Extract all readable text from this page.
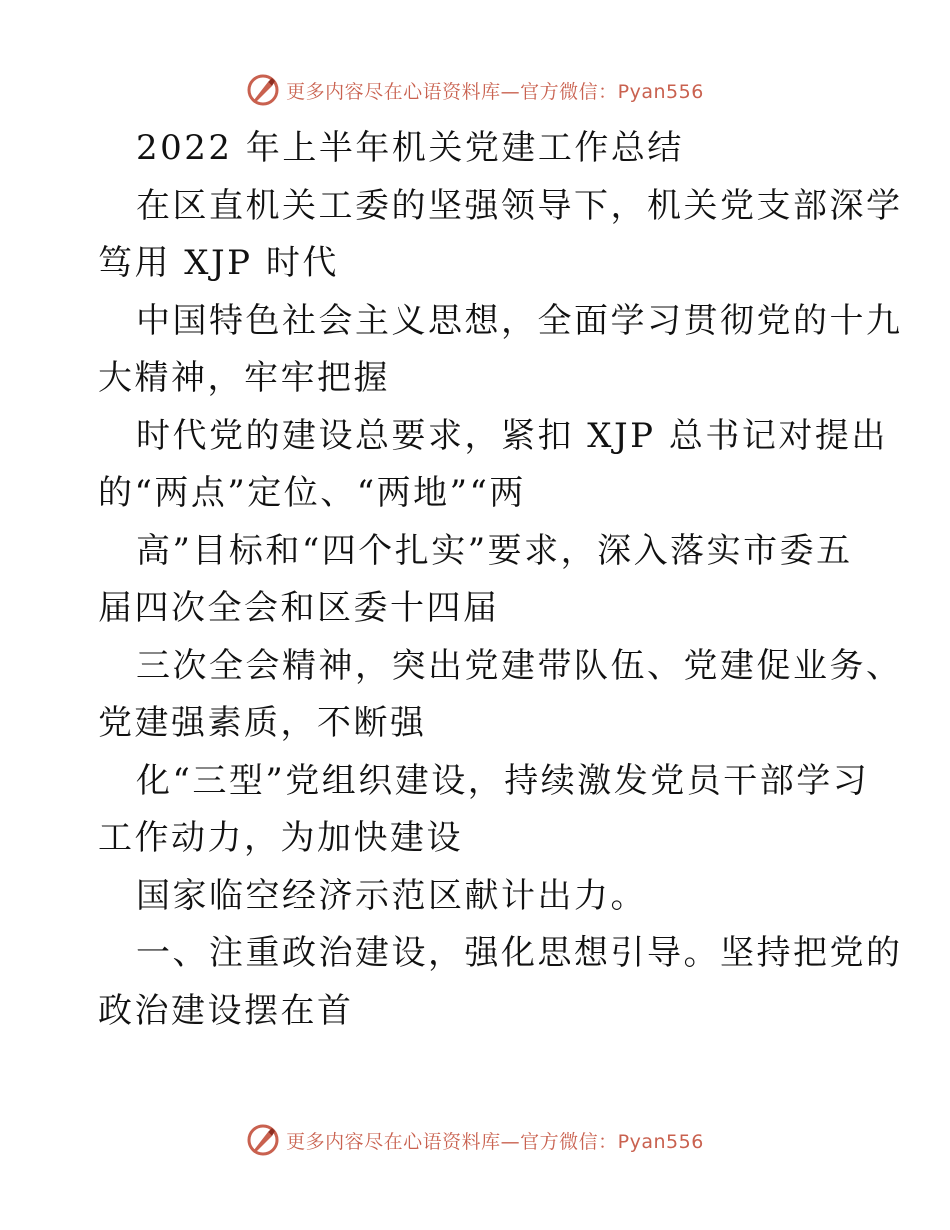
更多内容尽在心语资料库—官方微信：Pyan556
2022 年上半年机关党建工作总结
在区直机关工委的坚强领导下，机关党支部深学
笃用 XJP 时代
中国特色社会主义思想，全面学习贯彻党的十九
大精神，牢牢把握
时代党的建设总要求，紧扣 XJP 总书记对提出
的“两点”定位、“两地”“两
高”目标和“四个扎实”要求，深入落实市委五
届四次全会和区委十四届
三次全会精神，突出党建带队伍、党建促业务、
党建强素质，不断强
化“三型”党组织建设，持续激发党员干部学习
工作动力，为加快建设
国家临空经济示范区献计出力。
一、注重政治建设，强化思想引导。坚持把党的
政治建设摆在首
更多内容尽在心语资料库—官方微信：Pyan556
